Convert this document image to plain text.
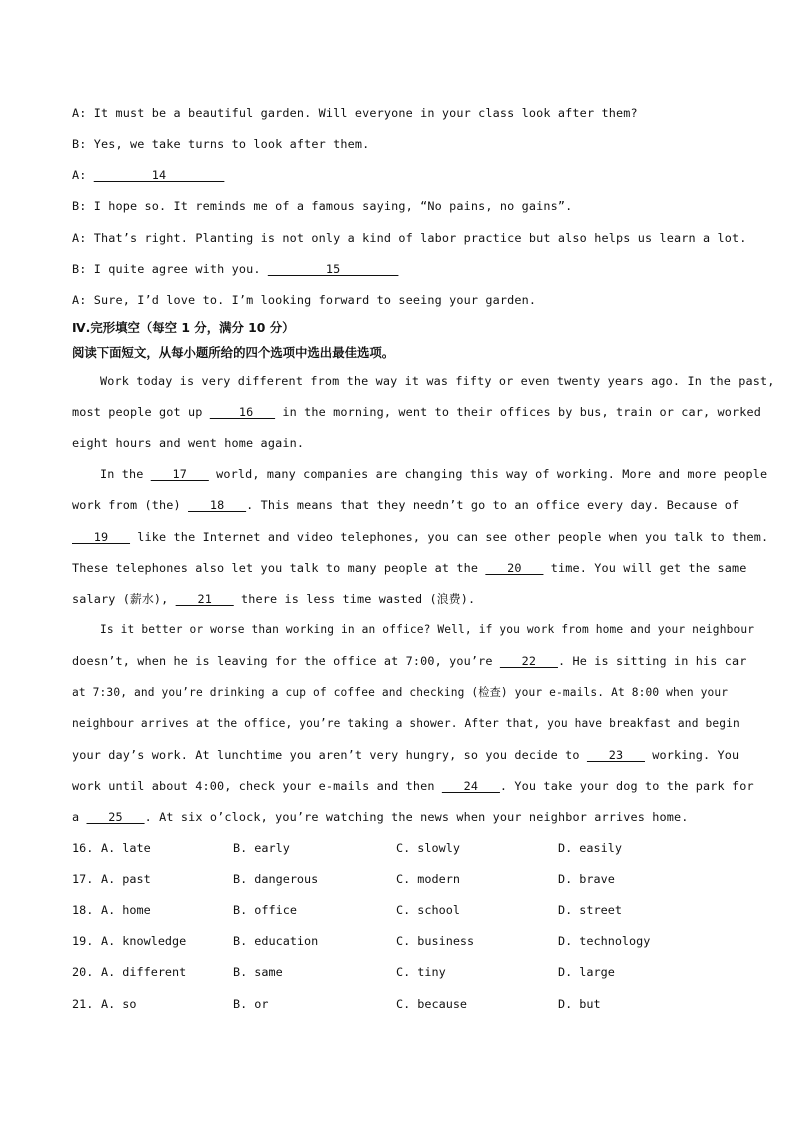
A: It must be a beautiful garden. Will everyone in your class look after them?
B: Yes, we take turns to look after them.
A: ________14________
B: I hope so. It reminds me of a famous saying, “No pains, no gains”.
A: That’s right. Planting is not only a kind of labor practice but also helps us learn a lot.
B: I quite agree with you. ________15________
A: Sure, I’d love to. I’m looking forward to seeing your garden.
Ⅳ.完形填空（每空 1 分，满分 10 分）
阅读下面短文，从每小题所给的四个选项中选出最佳选项。
Work today is very different from the way it was fifty or even twenty years ago. In the past,
most people got up ____16___ in the morning, went to their offices by bus, train or car, worked
eight hours and went home again.
In the ___17___ world, many companies are changing this way of working. More and more people
work from (the) ___18___. This means that they needn’t go to an office every day. Because of
___19___ like the Internet and video telephones, you can see other people when you talk to them.
These telephones also let you talk to many people at the ___20___ time. You will get the same
salary (薪水), ___21___ there is less time wasted (浪费).
Is it better or worse than working in an office? Well, if you work from home and your neighbour
doesn’t, when he is leaving for the office at 7:00, you’re ___22___. He is sitting in his car
at 7:30, and you’re drinking a cup of coffee and checking (检查) your e-mails. At 8:00 when your
neighbour arrives at the office, you’re taking a shower. After that, you have breakfast and begin
your day’s work. At lunchtime you aren’t very hungry, so you decide to ___23___ working. You
work until about 4:00, check your e-mails and then ___24___. You take your dog to the park for
a ___25___. At six o’clock, you’re watching the news when your neighbor arrives home.
16. A. late	B. early	C. slowly	D. easily
17. A. past	B. dangerous	C. modern	D. brave
18. A. home	B. office	C. school	D. street
19. A. knowledge	B. education	C. business	D. technology
20. A. different	B. same	C. tiny	D. large
21. A. so	B. or	C. because	D. but
